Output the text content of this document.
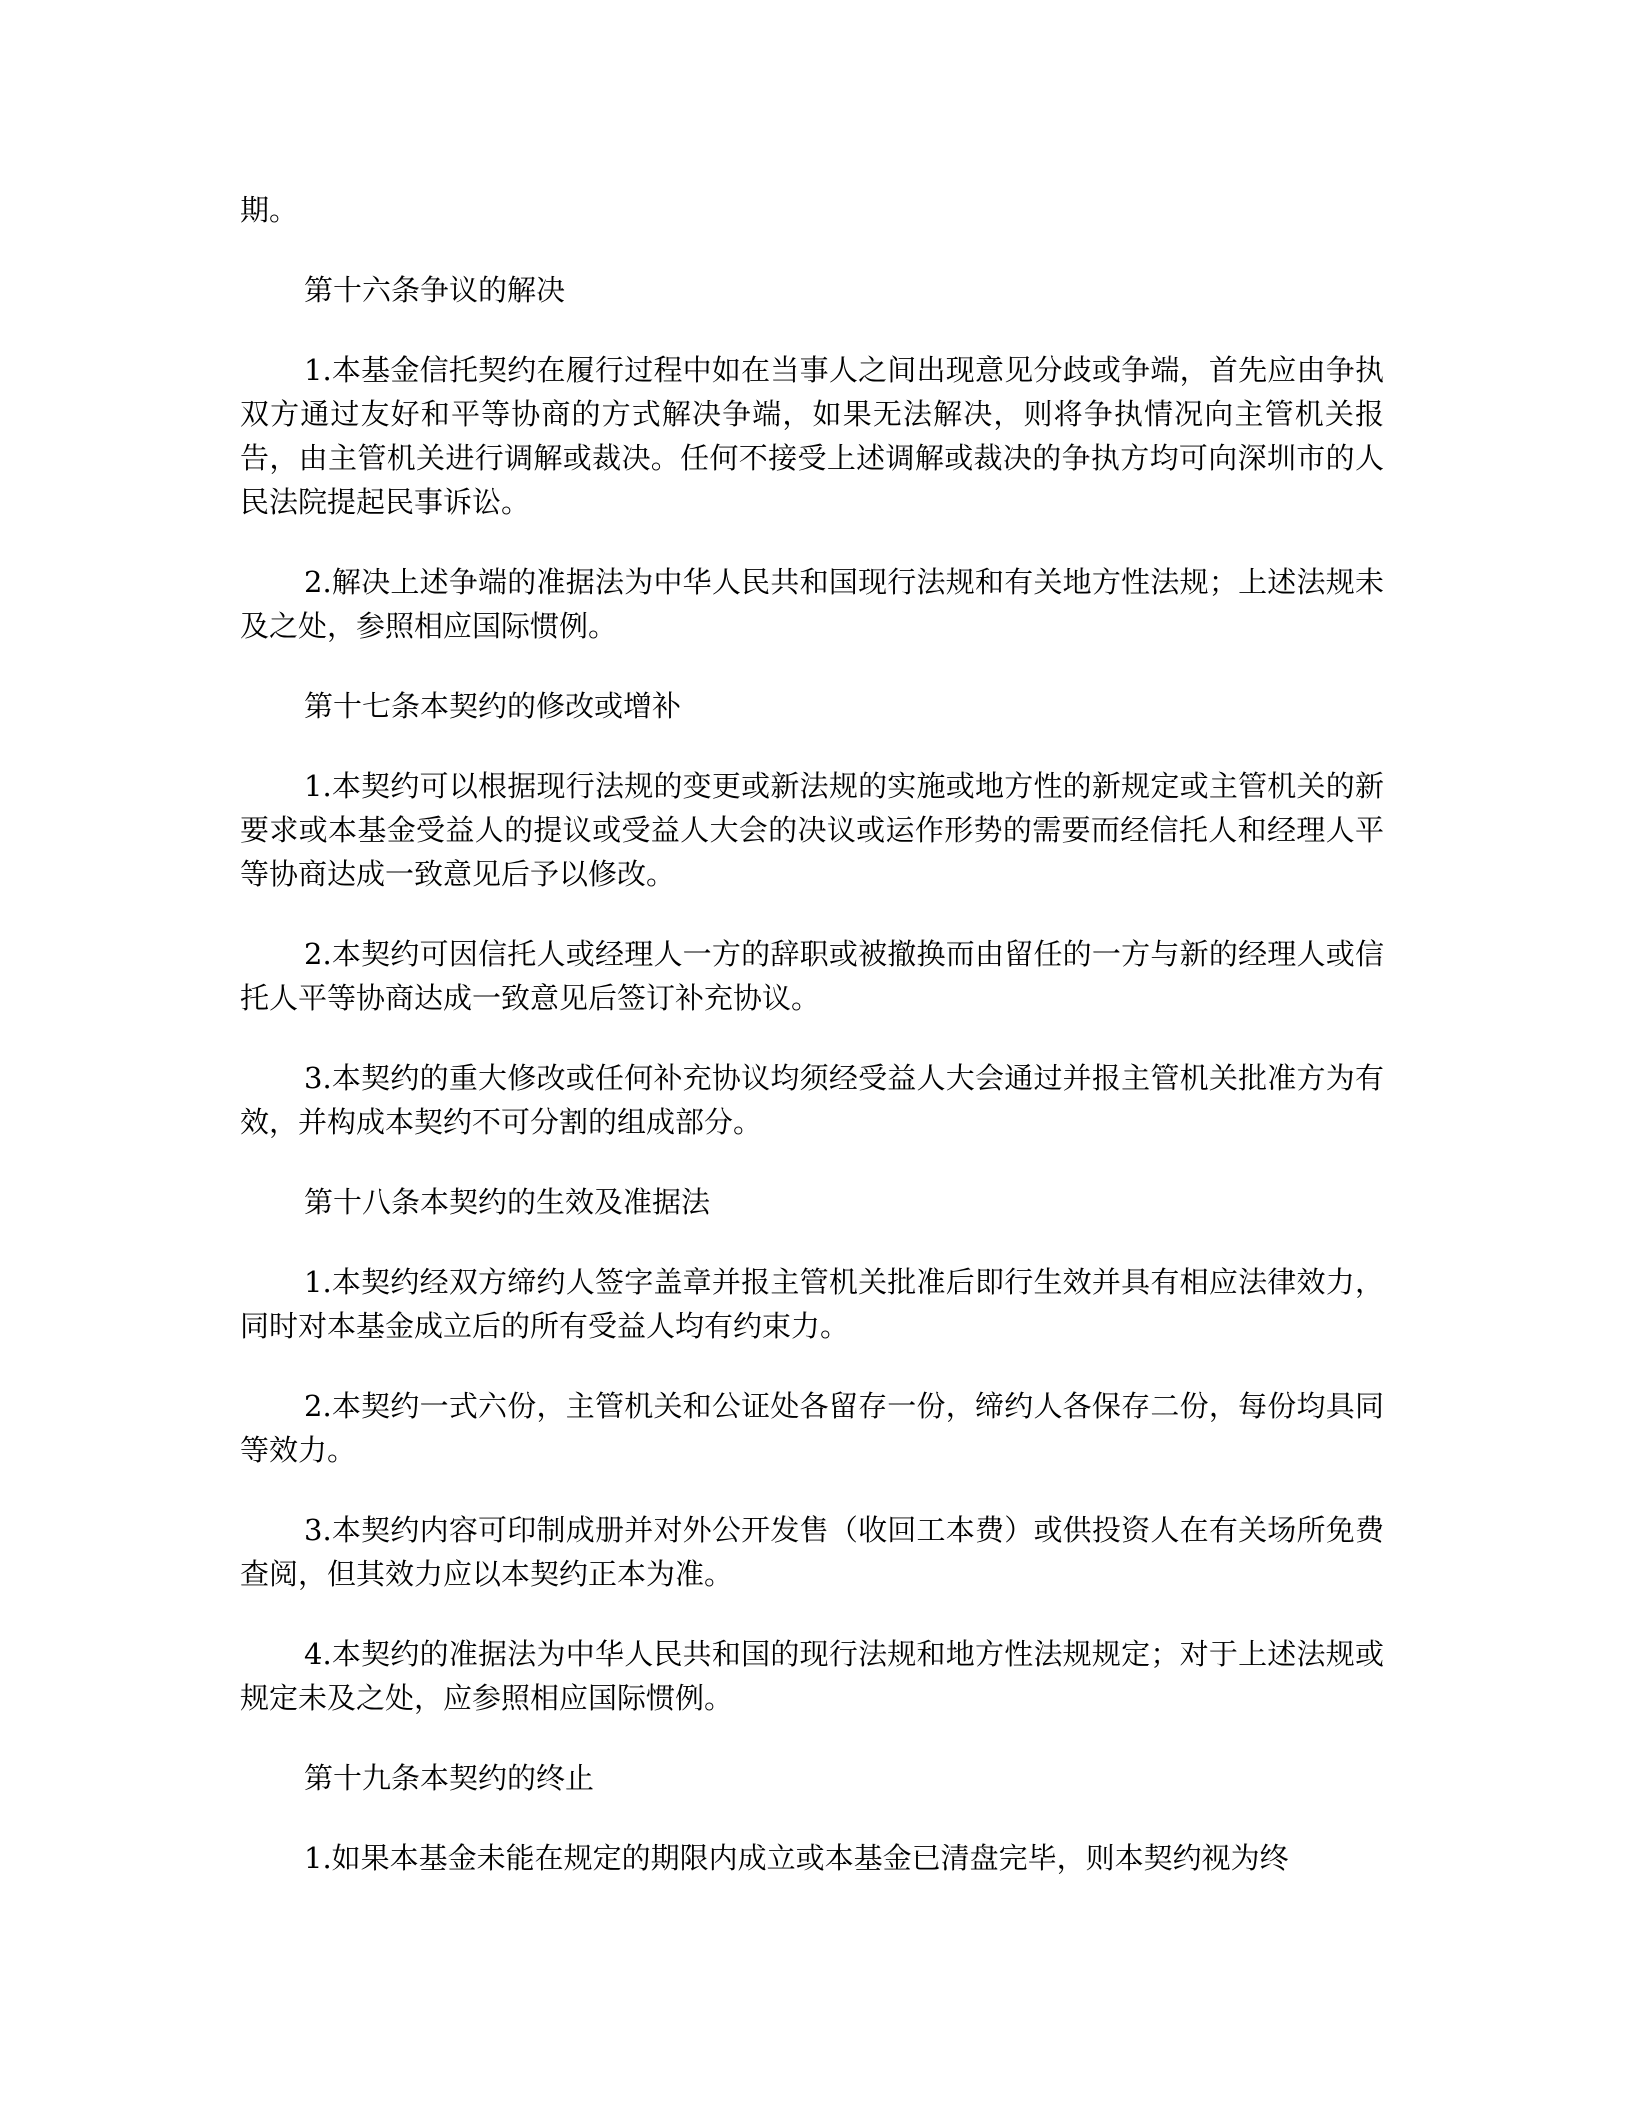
期。

第十六条争议的解决

1.本基金信托契约在履行过程中如在当事人之间出现意见分歧或争端，首先应由争执双方通过友好和平等协商的方式解决争端，如果无法解决，则将争执情况向主管机关报告，由主管机关进行调解或裁决。任何不接受上述调解或裁决的争执方均可向深圳市的人民法院提起民事诉讼。

2.解决上述争端的准据法为中华人民共和国现行法规和有关地方性法规；上述法规未及之处，参照相应国际惯例。

第十七条本契约的修改或增补

1.本契约可以根据现行法规的变更或新法规的实施或地方性的新规定或主管机关的新要求或本基金受益人的提议或受益人大会的决议或运作形势的需要而经信托人和经理人平等协商达成一致意见后予以修改。

2.本契约可因信托人或经理人一方的辞职或被撤换而由留任的一方与新的经理人或信托人平等协商达成一致意见后签订补充协议。

3.本契约的重大修改或任何补充协议均须经受益人大会通过并报主管机关批准方为有效，并构成本契约不可分割的组成部分。

第十八条本契约的生效及准据法

1.本契约经双方缔约人签字盖章并报主管机关批准后即行生效并具有相应法律效力，同时对本基金成立后的所有受益人均有约束力。

2.本契约一式六份，主管机关和公证处各留存一份，缔约人各保存二份，每份均具同等效力。

3.本契约内容可印制成册并对外公开发售（收回工本费）或供投资人在有关场所免费查阅，但其效力应以本契约正本为准。

4.本契约的准据法为中华人民共和国的现行法规和地方性法规规定；对于上述法规或规定未及之处，应参照相应国际惯例。

第十九条本契约的终止

1.如果本基金未能在规定的期限内成立或本基金已清盘完毕，则本契约视为终
